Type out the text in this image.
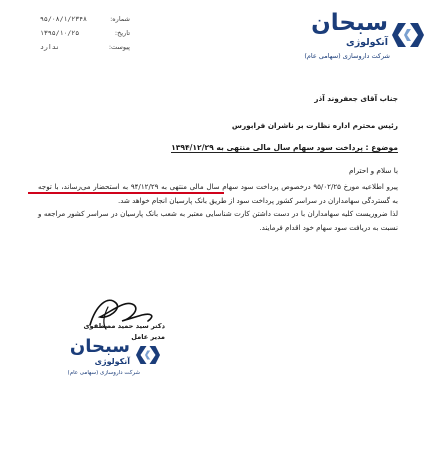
شماره:
۹۵/۰۸/۱/۲۳۴۸
تاریخ:
۱۳۹۵/۱۰/۲۵
پیوست:
ندارد
سبحان
آنکولوژی
شرکت داروسازی (سهامی عام)
جناب آقای جعفروند آذر
رئیس محترم اداره نظارت بر ناشران فرابورس
موضوع : پرداخت سود سهام سال مالی منتهی به ۱۳۹۴/۱۲/۲۹
با سلام و احترام
پیرو اطلاعیه مورخ ۹۵/۰۲/۲۵ درخصوص پرداخت سود سهام سال مالی منتهی به ۹۴/۱۲/۲۹ به استحضار می‌رساند، با توجه به گستردگی سهامداران در سراسر کشور پرداخت سود از طریق بانک پارسیان انجام خواهد شد.
لذا ضروریست کلیه سهامداران با در دست داشتن کارت شناسایی معتبر به شعب بانک پارسیان در سراسر کشور مراجعه و نسبت به دریافت سود سهام خود اقدام فرمایند.
دکتر سید حمید مصطفوی
مدیر عامل
سبحان
آنکولوژی
شرکت داروسازی (سهامی عام)
